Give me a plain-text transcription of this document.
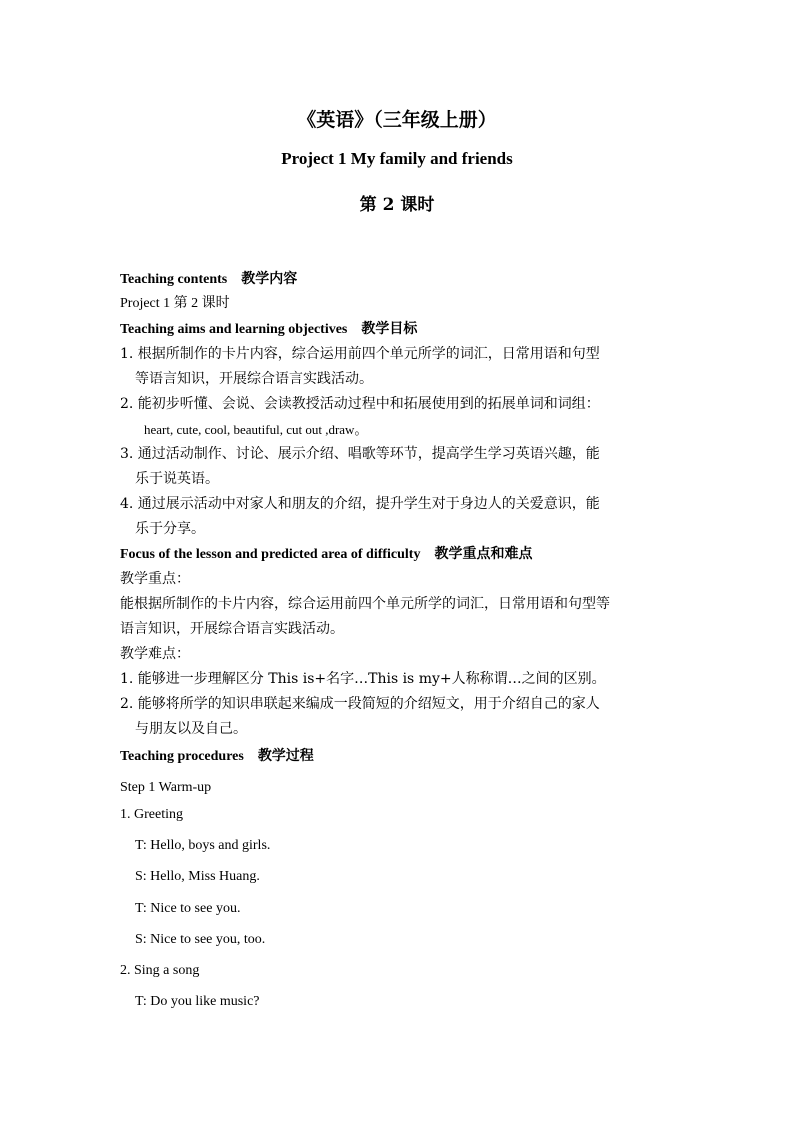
《英语》（三年级上册）
Project 1 My family and friends
第 2 课时
Teaching contents 教学内容
Project 1 第 2 课时
Teaching aims and learning objectives 教学目标
1. 根据所制作的卡片内容，综合运用前四个单元所学的词汇，日常用语和句型
等语言知识，开展综合语言实践活动。
2. 能初步听懂、会说、会读教授活动过程中和拓展使用到的拓展单词和词组：
heart, cute, cool, beautiful, cut out ,draw。
3. 通过活动制作、讨论、展示介绍、唱歌等环节，提高学生学习英语兴趣，能
乐于说英语。
4. 通过展示活动中对家人和朋友的介绍，提升学生对于身边人的关爱意识，能
乐于分享。
Focus of the lesson and predicted area of difficulty 教学重点和难点
教学重点：
能根据所制作的卡片内容，综合运用前四个单元所学的词汇，日常用语和句型等
语言知识，开展综合语言实践活动。
教学难点：
1. 能够进一步理解区分 This is+名字…This is my+人称称谓…之间的区别。
2. 能够将所学的知识串联起来编成一段简短的介绍短文，用于介绍自己的家人
与朋友以及自己。
Teaching procedures 教学过程
Step 1 Warm-up
1. Greeting
T: Hello, boys and girls.
S: Hello, Miss Huang.
T: Nice to see you.
S: Nice to see you, too.
2. Sing a song
T: Do you like music?
